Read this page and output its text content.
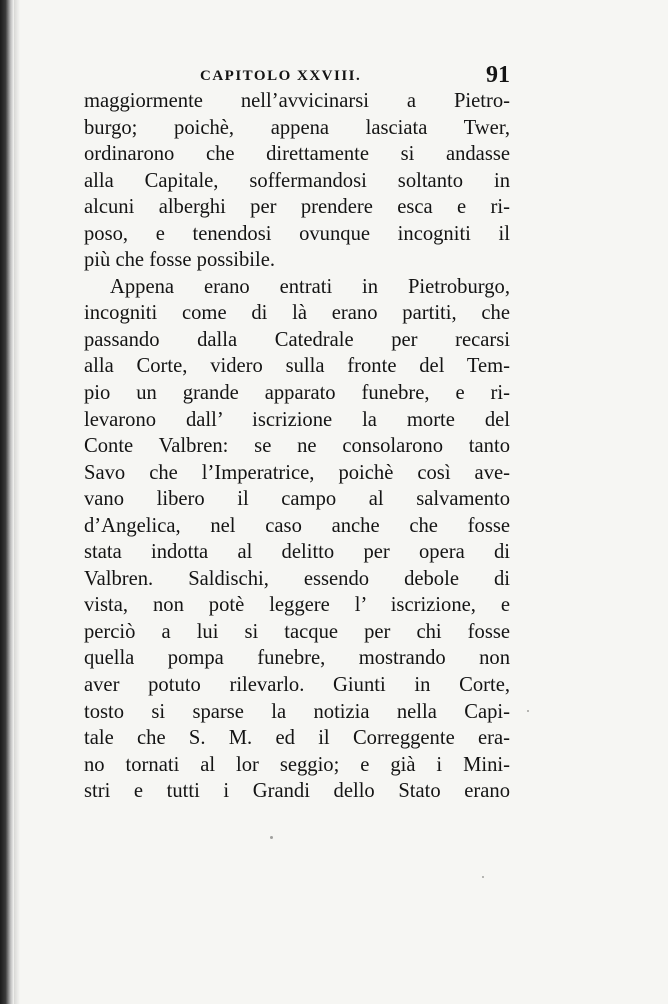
CAPITOLO XXVIII.	91
maggiormente nell’avvicinarsi a Pietro-
burgo; poichè, appena lasciata Twer,
ordinarono che direttamente si andasse
alla Capitale, soffermandosi soltanto in
alcuni alberghi per prendere esca e ri-
poso, e tenendosi ovunque incogniti il
più che fosse possibile.
Appena erano entrati in Pietroburgo,
incogniti come di là erano partiti, che
passando dalla Catedrale per recarsi
alla Corte, videro sulla fronte del Tem-
pio un grande apparato funebre, e ri-
levarono dall’ iscrizione la morte del
Conte Valbren: se ne consolarono tanto
Savo che l’Imperatrice, poichè così ave-
vano libero il campo al salvamento
d’Angelica, nel caso anche che fosse
stata indotta al delitto per opera di
Valbren. Saldischi, essendo debole di
vista, non potè leggere l’ iscrizione, e
perciò a lui si tacque per chi fosse
quella pompa funebre, mostrando non
aver potuto rilevarlo. Giunti in Corte,
tosto si sparse la notizia nella Capi-
tale che S. M. ed il Correggente era-
no tornati al lor seggio; e già i Mini-
stri e tutti i Grandi dello Stato erano
